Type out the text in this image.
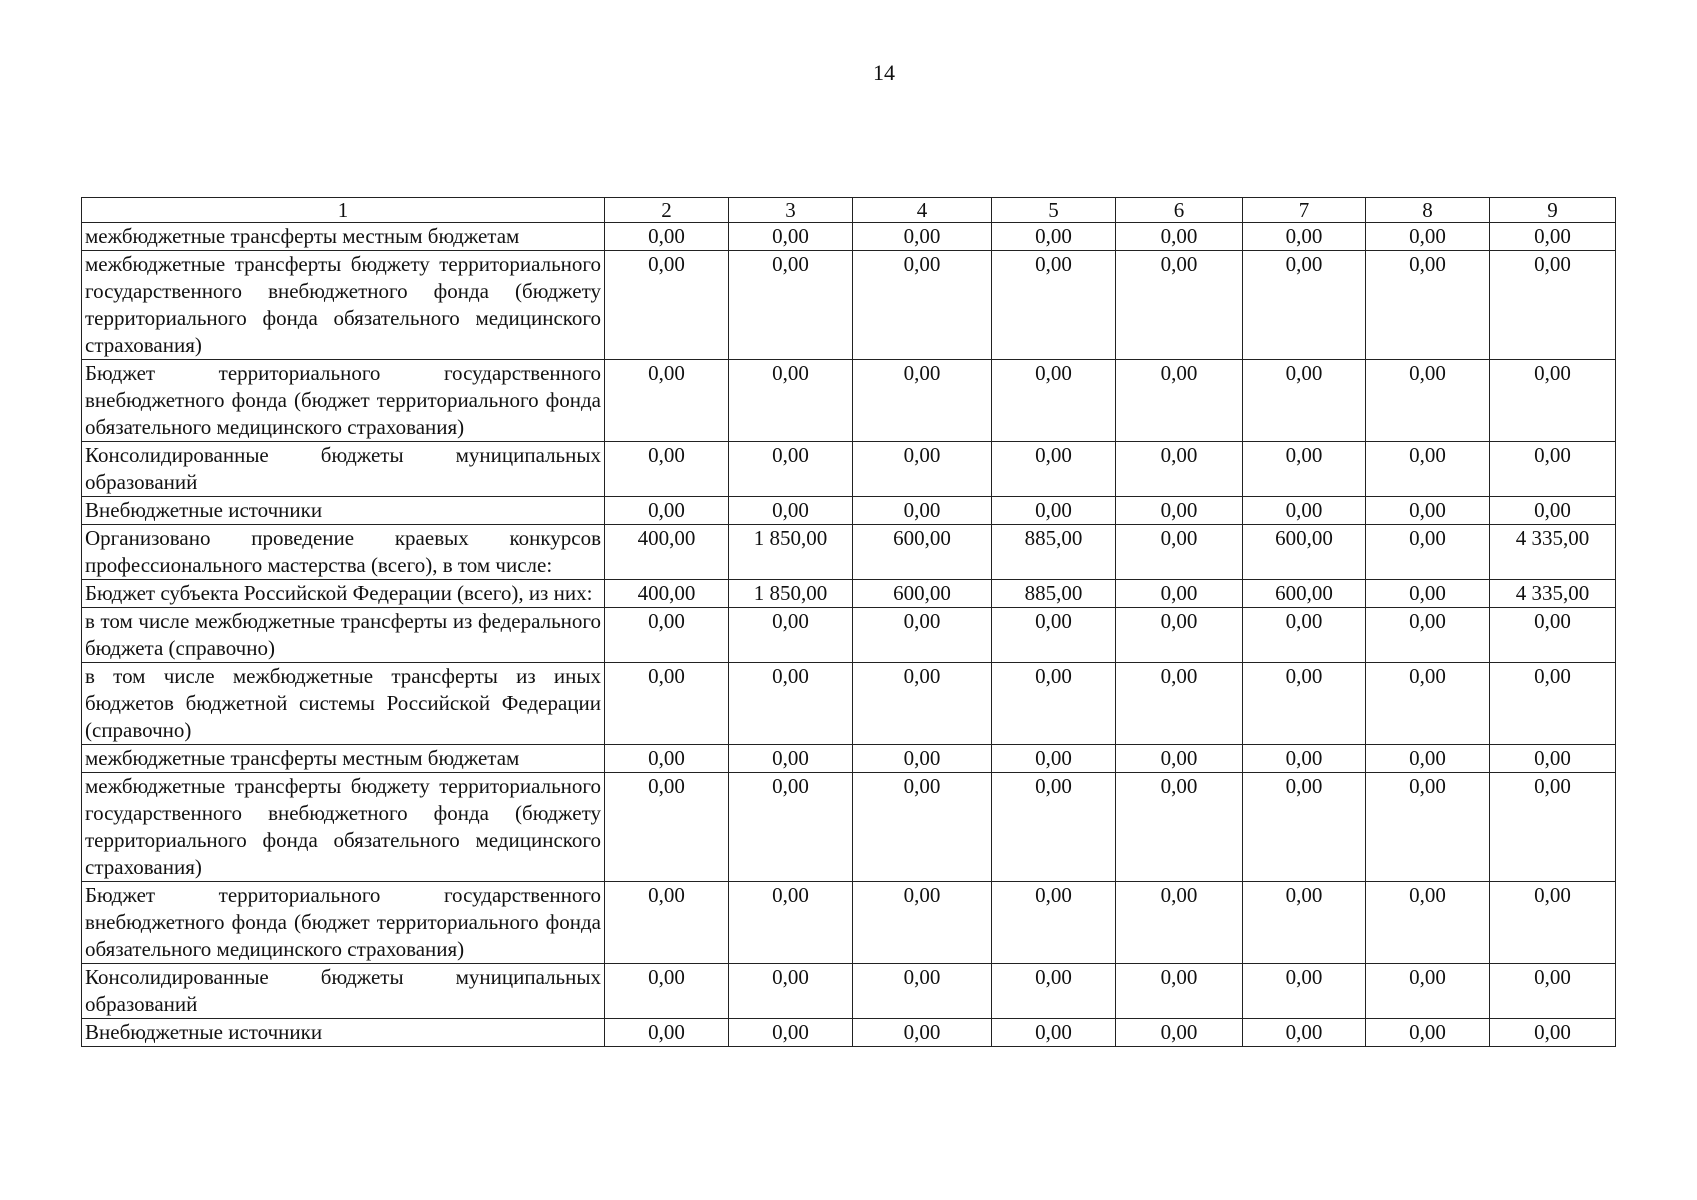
14
1	2	3	4	5	6	7	8	9
межбюджетные трансферты местным бюджетам	0,00	0,00	0,00	0,00	0,00	0,00	0,00	0,00
межбюджетные трансферты бюджету территориального государственного внебюджетного фонда (бюджету территориального фонда обязательного медицинского страхования)	0,00	0,00	0,00	0,00	0,00	0,00	0,00	0,00
Бюджет территориального государственного внебюджетного фонда (бюджет территориального фонда обязательного медицинского страхования)	0,00	0,00	0,00	0,00	0,00	0,00	0,00	0,00
Консолидированные бюджеты муниципальных образований	0,00	0,00	0,00	0,00	0,00	0,00	0,00	0,00
Внебюджетные источники	0,00	0,00	0,00	0,00	0,00	0,00	0,00	0,00
Организовано проведение краевых конкурсов профессионального мастерства (всего), в том числе:	400,00	1 850,00	600,00	885,00	0,00	600,00	0,00	4 335,00
Бюджет субъекта Российской Федерации (всего), из них:	400,00	1 850,00	600,00	885,00	0,00	600,00	0,00	4 335,00
в том числе межбюджетные трансферты из федерального бюджета (справочно)	0,00	0,00	0,00	0,00	0,00	0,00	0,00	0,00
в том числе межбюджетные трансферты из иных бюджетов бюджетной системы Российской Федерации (справочно)	0,00	0,00	0,00	0,00	0,00	0,00	0,00	0,00
межбюджетные трансферты местным бюджетам	0,00	0,00	0,00	0,00	0,00	0,00	0,00	0,00
межбюджетные трансферты бюджету территориального государственного внебюджетного фонда (бюджету территориального фонда обязательного медицинского страхования)	0,00	0,00	0,00	0,00	0,00	0,00	0,00	0,00
Бюджет территориального государственного внебюджетного фонда (бюджет территориального фонда обязательного медицинского страхования)	0,00	0,00	0,00	0,00	0,00	0,00	0,00	0,00
Консолидированные бюджеты муниципальных образований	0,00	0,00	0,00	0,00	0,00	0,00	0,00	0,00
Внебюджетные источники	0,00	0,00	0,00	0,00	0,00	0,00	0,00	0,00
